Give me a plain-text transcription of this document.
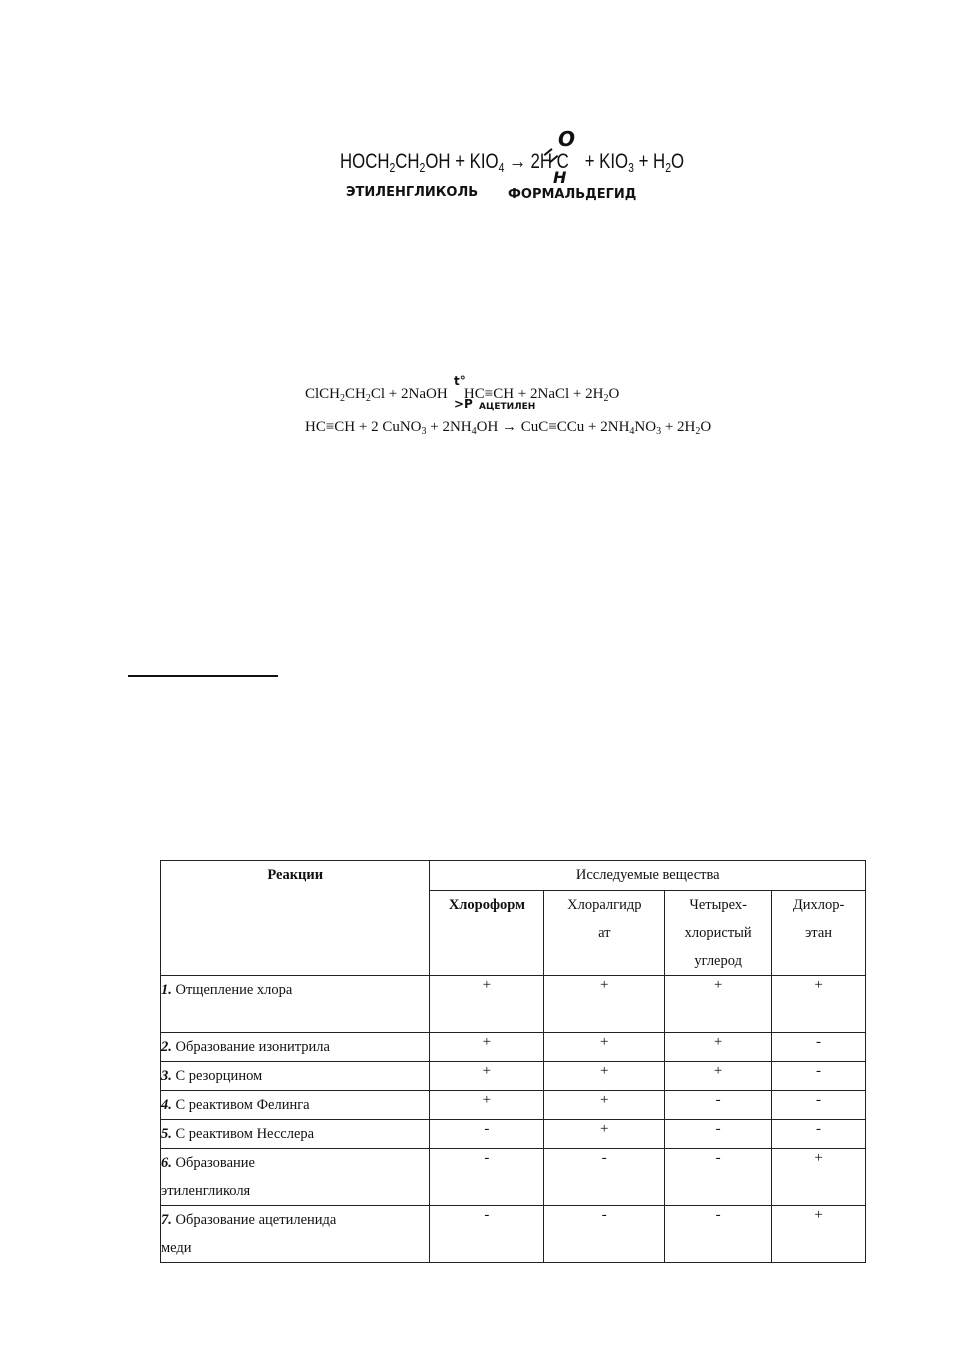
$HOCH_2CH_2OH + KIO_4 \to 2H$ C   + $KIO_3 + H_2O$
O
H
ЭТИЛЕНГЛИКОЛЬ ФОРМАЛЬДЕГИД
$ClCH_2CH_2Cl$ + 2NaOH    HC≡CH + 2NaCl + $2H_2O$
t°
>P АЦЕТИЛЕН
HC≡CH + 2 CuNO$_3$ + $2NH_4OH \to CuC\equiv CCu + 2NH_4NO_3 + 2H_2O$
Реакции	Исследуемые вещества			
	Хлороформ	Хлоралгидр
ат	Четырех-
хлористый
углерод	Дихлор-
этан
1. Отщепление хлора	+	+	+	+
2. Образование изонитрила	+	+	+	-
3. С резорцином	+	+	+	-
4. С реактивом Фелинга	+	+	-	-
5. С реактивом Несслера	-	+	-	-
6. Образование
этиленгликоля	-	-	-	+
7. Образование ацетиленида
меди	-	-	-	+
